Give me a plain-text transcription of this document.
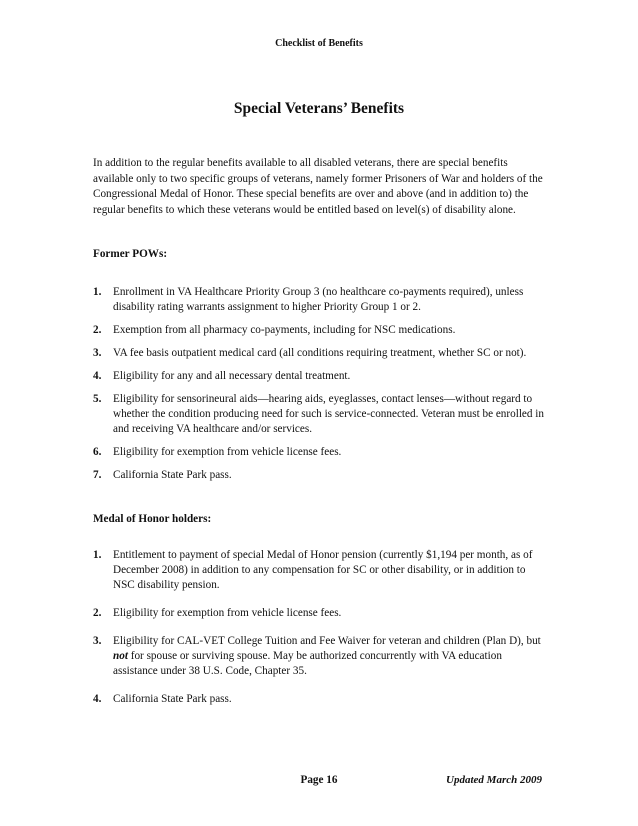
Checklist of Benefits
Special Veterans’ Benefits

In addition to the regular benefits available to all disabled veterans, there are special benefits available only to two specific groups of veterans, namely former Prisoners of War and holders of the Congressional Medal of Honor. These special benefits are over and above (and in addition to) the regular benefits to which these veterans would be entitled based on level(s) of disability alone.

Former POWs:

1.	Enrollment in VA Healthcare Priority Group 3 (no healthcare co-payments required), unless disability rating warrants assignment to higher Priority Group 1 or 2.
2.	Exemption from all pharmacy co-payments, including for NSC medications.
3.	VA fee basis outpatient medical card (all conditions requiring treatment, whether SC or not).
4.	Eligibility for any and all necessary dental treatment.
5.	Eligibility for sensorineural aids—hearing aids, eyeglasses, contact lenses—without regard to whether the condition producing need for such is service-connected. Veteran must be enrolled in and receiving VA healthcare and/or services.
6.	Eligibility for exemption from vehicle license fees.
7.	California State Park pass.

Medal of Honor holders:

1.	Entitlement to payment of special Medal of Honor pension (currently $1,194 per month, as of December 2008) in addition to any compensation for SC or other disability, or in addition to NSC disability pension.
2.	Eligibility for exemption from vehicle license fees.
3.	Eligibility for CAL-VET College Tuition and Fee Waiver for veteran and children (Plan D), but not for spouse or surviving spouse. May be authorized concurrently with VA education assistance under 38 U.S. Code, Chapter 35.
4.	California State Park pass.
Page 16	Updated March 2009
